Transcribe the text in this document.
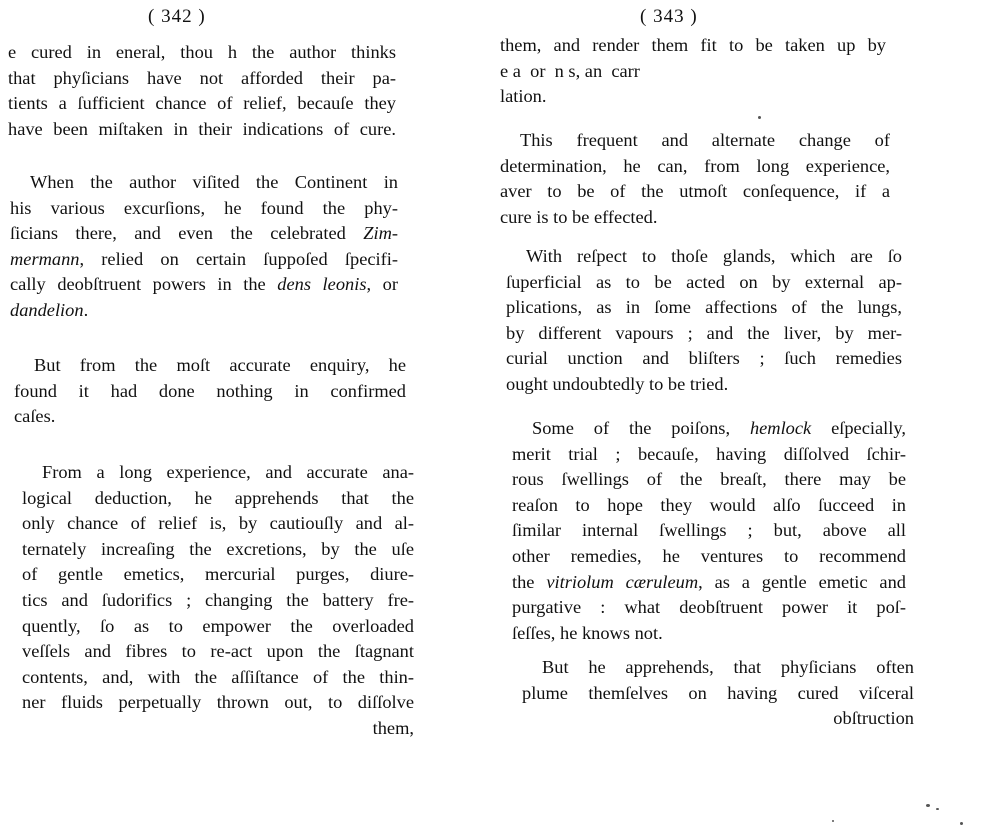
( 342 )
e cured in eneral, thou h the author thinks
that phyſicians have not afforded their pa-
tients a ſufficient chance of relief, becauſe they
have been miſtaken in their indications of cure.
When the author viſited the Continent in
his various excurſions, he found the phy-
ſicians there, and even the celebrated Zim-
mermann, relied on certain ſuppoſed ſpecifi-
cally deobſtruent powers in the dens leonis, or
dandelion.
But from the moſt accurate enquiry, he
found it had done nothing in confirmed
caſes.
From a long experience, and accurate ana-
logical deduction, he apprehends that the
only chance of relief is, by cautiouſly and al-
ternately increaſing the excretions, by the uſe
of gentle emetics, mercurial purges, diure-
tics and ſudorifics ; changing the battery fre-
quently, ſo as to empower the overloaded
veſſels and fibres to re-act upon the ſtagnant
contents, and, with the aſſiſtance of the thin-
ner fluids perpetually thrown out, to diſſolve
them,
( 343 )
them, and render them fit to be taken up by
e a  or  n s, an  carr
lation.
This frequent and alternate change of
determination, he can, from long experience,
aver to be of the utmoſt conſequence, if a
cure is to be effected.
With reſpect to thoſe glands, which are ſo
ſuperficial as to be acted on by external ap-
plications, as in ſome affections of the lungs,
by different vapours ; and the liver, by mer-
curial unction and bliſters ; ſuch remedies
ought undoubtedly to be tried.
Some of the poiſons, hemlock eſpecially,
merit trial ; becauſe, having diſſolved ſchir-
rous ſwellings of the breaſt, there may be
reaſon to hope they would alſo ſucceed in
ſimilar internal ſwellings ; but, above all
other remedies, he ventures to recommend
the vitriolum cæruleum, as a gentle emetic and
purgative : what deobſtruent power it poſ-
ſeſſes, he knows not.
But he apprehends, that phyſicians often
plume themſelves on having cured viſceral
obſtruction
